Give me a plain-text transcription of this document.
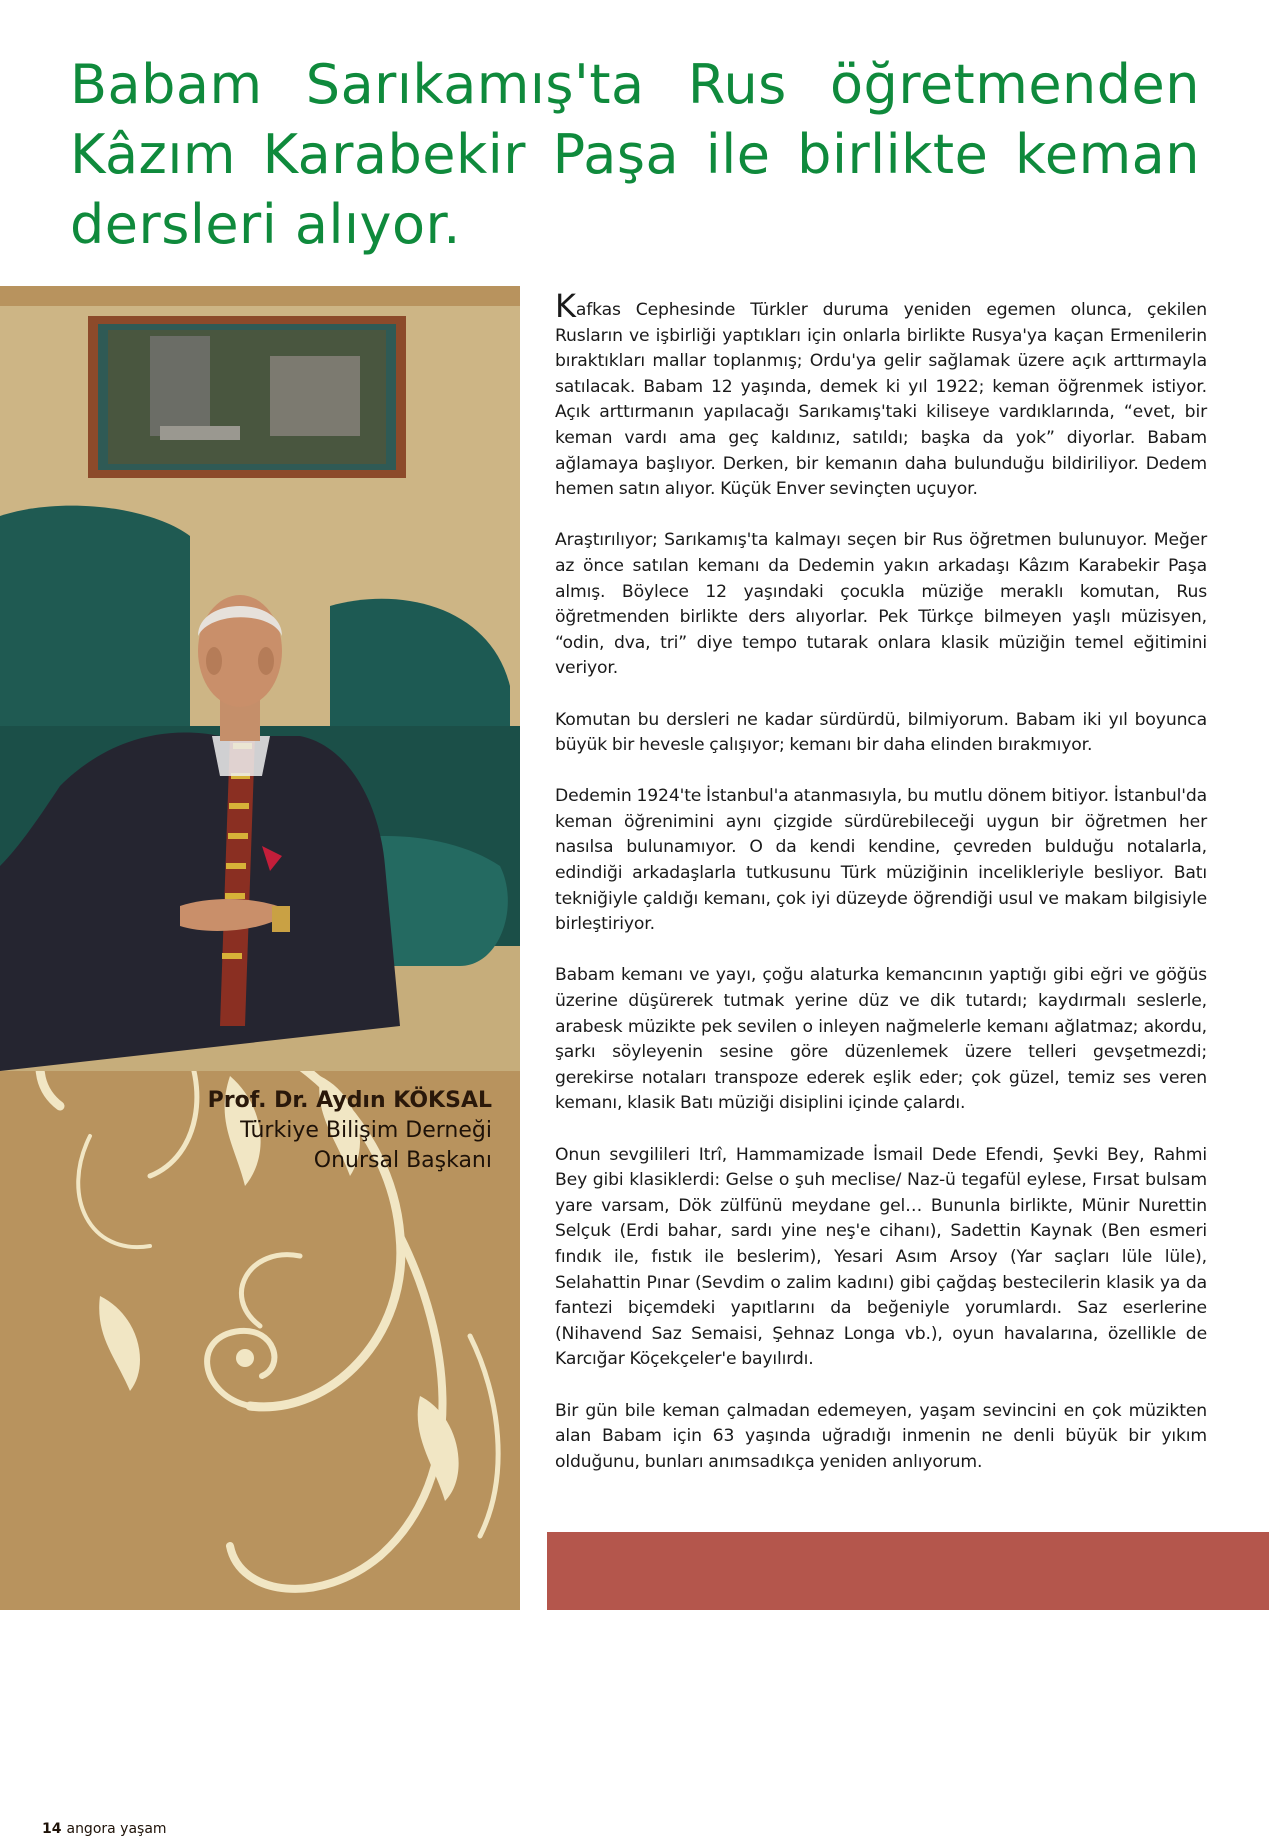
Babam Sarıkamış'ta Rus öğretmenden Kâzım Karabekir Paşa ile birlikte keman dersleri alıyor.
Prof. Dr. Aydın KÖKSAL
Türkiye Bilişim Derneği
Onursal Başkanı
14 angora yaşam

Kafkas Cephesinde Türkler duruma yeniden egemen olunca, çekilen Rusların ve işbirliği yaptıkları için onlarla birlikte Rusya'ya kaçan Ermenilerin bıraktıkları mallar toplanmış; Ordu'ya gelir sağlamak üzere açık arttırmayla satılacak. Babam 12 yaşında, demek ki yıl 1922; keman öğrenmek istiyor. Açık arttırmanın yapılacağı Sarıkamış'taki kiliseye vardıklarında, “evet, bir keman vardı ama geç kaldınız, satıldı; başka da yok” diyorlar. Babam ağlamaya başlıyor. Derken, bir kemanın daha bulunduğu bildiriliyor. Dedem hemen satın alıyor. Küçük Enver sevinçten uçuyor.

Araştırılıyor; Sarıkamış'ta kalmayı seçen bir Rus öğretmen bulunuyor. Meğer az önce satılan kemanı da Dedemin yakın arkadaşı Kâzım Karabekir Paşa almış. Böylece 12 yaşındaki çocukla müziğe meraklı komutan, Rus öğretmenden birlikte ders alıyorlar. Pek Türkçe bilmeyen yaşlı müzisyen, “odin, dva, tri” diye tempo tutarak onlara klasik müziğin temel eğitimini veriyor.

Komutan bu dersleri ne kadar sürdürdü, bilmiyorum. Babam iki yıl boyunca büyük bir hevesle çalışıyor; kemanı bir daha elinden bırakmıyor.

Dedemin 1924'te İstanbul'a atanmasıyla, bu mutlu dönem bitiyor. İstanbul'da keman öğrenimini aynı çizgide sürdürebileceği uygun bir öğretmen her nasılsa bulunamıyor. O da kendi kendine, çevreden bulduğu notalarla, edindiği arkadaşlarla tutkusunu Türk müziğinin incelikleriyle besliyor. Batı tekniğiyle çaldığı kemanı, çok iyi düzeyde öğrendiği usul ve makam bilgisiyle birleştiriyor.

Babam kemanı ve yayı, çoğu alaturka kemancının yaptığı gibi eğri ve göğüs üzerine düşürerek tutmak yerine düz ve dik tutardı; kaydırmalı seslerle, arabesk müzikte pek sevilen o inleyen nağmelerle kemanı ağlatmaz; akordu, şarkı söyleyenin sesine göre düzenlemek üzere telleri gevşetmezdi; gerekirse notaları transpoze ederek eşlik eder; çok güzel, temiz ses veren kemanı, klasik Batı müziği disiplini içinde çalardı.

Onun sevgilileri Itrî, Hammamizade İsmail Dede Efendi, Şevki Bey, Rahmi Bey gibi klasiklerdi: Gelse o şuh meclise/ Naz-ü tegafül eylese, Fırsat bulsam yare varsam, Dök zülfünü meydane gel… Bununla birlikte, Münir Nurettin Selçuk (Erdi bahar, sardı yine neş'e cihanı), Sadettin Kaynak (Ben esmeri fındık ile, fıstık ile beslerim), Yesari Asım Arsoy (Yar saçları lüle lüle), Selahattin Pınar (Sevdim o zalim kadını) gibi çağdaş bestecilerin klasik ya da fantezi biçemdeki yapıtlarını da beğeniyle yorumlardı. Saz eserlerine (Nihavend Saz Semaisi, Şehnaz Longa vb.), oyun havalarına, özellikle de Karcığar Köçekçeler'e bayılırdı.

Bir gün bile keman çalmadan edemeyen, yaşam sevincini en çok müzikten alan Babam için 63 yaşında uğradığı inmenin ne denli büyük bir yıkım olduğunu, bunları anımsadıkça yeniden anlıyorum.
